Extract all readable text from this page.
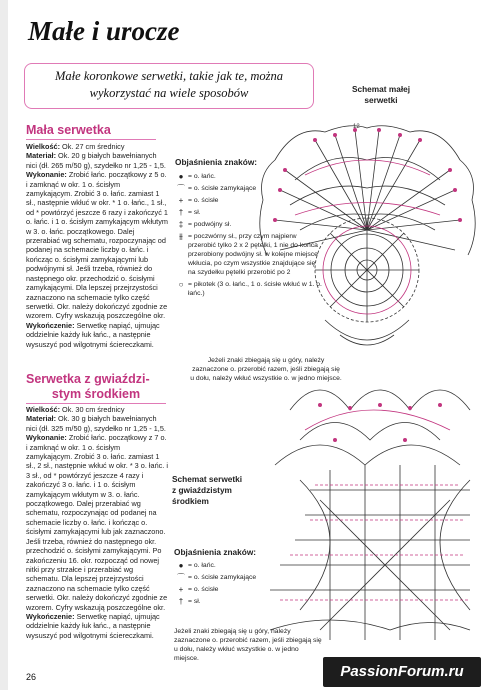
Małe i urocze
Małe koronkowe serwetki, takie jak te, można
wykorzystać na wiele sposobów	Schemat małej
serwetki
12
Objaśnienia znaków:
● = o. łańc.
⌒ = o. ścisłe zamykające
+ = o. ścisłe
† = sł.
‡ = podwójny sł.
⫵ = poczwórny sł., przy czym najpierw przerobić tylko 2 x 2 pętelki, 1 nie do końca przerobiony podwójny sł. w kolejne miejsce wkłucia, po czym wszystkie znajdujące się na szydełku pętelki przerobić po 2
○ = pikotek (3 o. łańc., 1 o. ścisłe wkłuć w 1. o. łańc.)
Jeżeli znaki zbiegają się u góry, należy zaznaczone o. przerobić razem, jeśli zbiegają się u dołu, należy wkłuć wszystkie o. w jedno miejsce.
Mała serwetka

Wielkość: Ok. 27 cm średnicy

Materiał: Ok. 20 g białych bawełnianych nici (dł. 265 m/50 g), szydełko nr 1,25 - 1,5.

Wykonanie: Zrobić łańc. początkowy z 5 o. i zamknąć w okr. 1 o. ścisłym zamykającym. Zrobić 3 o. łańc. zamiast 1 sł., następnie wkłuć w okr. * 1 o. łańc., 1 sł., od * powtórzyć jeszcze 6 razy i zakończyć 1 o. łańc. i 1 o. ścisłym zamykającym wkłutym w 3. o. łańc. początkowego. Dalej przerabiać wg schematu, rozpoczynając od podanej na schemacie liczby o. łańc. i kończąc o. ścisłymi zamykającymi lub podwójnymi sł. Jeśli trzeba, również do następnego okr. przechodzić o. ścisłymi zamykającymi. Dla lepszej przejrzystości zaznaczono na schemacie tylko część serwetki. Okr. należy dokończyć zgodnie ze wzorem. Cyfry wskazują poszczególne okr.

Wykończenie: Serwetkę napiąć, ujmując oddzielnie każdy łuk łańc., a następnie wysuszyć pod wilgotnymi ściereczkami.

Serwetka z gwiaździ-
stym środkiem

Wielkość: Ok. 30 cm średnicy

Materiał: Ok. 30 g białych bawełnianych nici (dł. 325 m/50 g), szydełko nr 1,25 - 1,5.

Wykonanie: Zrobić łańc. początkowy z 7 o. i zamknąć w okr. 1 o. ścisłym zamykającym. Zrobić 3 o. łańc. zamiast 1 sł., 2 sł., następnie wkłuć w okr. * 3 o. łańc. i 3 sł., od * powtórzyć jeszcze 4 razy i zakończyć 3 o. łańc. i 1 o. ścisłym zamykającym wkłutym w 3. o. łańc. początkowego. Dalej przerabiać wg schematu, rozpoczynając od podanej na schemacie liczby o. łańc. i kończąc o. ścisłymi zamykającymi lub jak zaznaczono. Jeśli trzeba, również do następnego okr. przechodzić o. ścisłymi zamykającymi. Po zakończeniu 16. okr. rozpocząć od nowej nitki przy strzałce i przerabiać wg schematu. Dla lepszej przejrzystości zaznaczono na schemacie tylko część serwetki. Okr. należy dokończyć zgodnie ze wzorem. Cyfry wskazują poszczególne okr.

Wykończenie: Serwetkę napiąć, ujmując oddzielnie każdy łuk łańc., a następnie wysuszyć pod wilgotnymi ściereczkami.

Schemat serwetki
z gwiaździstym
środkiem
Objaśnienia znaków:
● = o. łańc.
⌒ = o. ścisłe zamykające
+ = o. ścisłe
† = sł.
Jeżeli znaki zbiegają się u góry, należy zaznaczone o. przerobić razem, jeśli zbiegają się u dołu, należy wkłuć wszystkie o. w jedno miejsce.
26	PassionForum.ru
